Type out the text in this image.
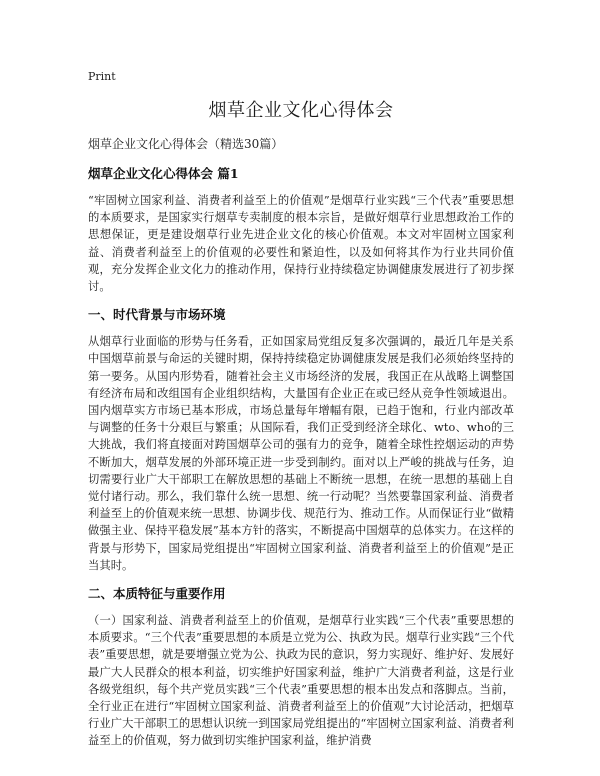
Print
烟草企业文化心得体会
烟草企业文化心得体会（精选30篇）
烟草企业文化心得体会 篇1

“牢固树立国家利益、消费者利益至上的价值观”是烟草行业实践“三个代表”重要思想的本质要求，是国家实行烟草专卖制度的根本宗旨，是做好烟草行业思想政治工作的思想保证，更是建设烟草行业先进企业文化的核心价值观。本文对牢固树立国家利益、消费者利益至上的价值观的必要性和紧迫性，以及如何将其作为行业共同价值观，充分发挥企业文化力的推动作用，保持行业持续稳定协调健康发展进行了初步探讨。

一、时代背景与市场环境

从烟草行业面临的形势与任务看，正如国家局党组反复多次强调的，最近几年是关系中国烟草前景与命运的关键时期，保持持续稳定协调健康发展是我们必须始终坚持的第一要务。从国内形势看，随着社会主义市场经济的发展，我国正在从战略上调整国有经济布局和改组国有企业组织结构，大量国有企业正在或已经从竞争性领域退出。国内烟草实方市场已基本形成，市场总量每年增幅有限，已趋于饱和，行业内部改革与调整的任务十分艰巨与繁重；从国际看，我们正受到经济全球化、wto、who的三大挑战，我们将直接面对跨国烟草公司的强有力的竞争，随着全球性控烟运动的声势不断加大，烟草发展的外部环境正进一步受到制约。面对以上严峻的挑战与任务，迫切需要行业广大干部职工在解放思想的基础上不断统一思想，在统一思想的基础上自觉付诸行动。那么，我们靠什么统一思想、统一行动呢？当然要靠国家利益、消费者利益至上的价值观来统一思想、协调步伐、规范行为、推动工作。从而保证行业“做精做强主业、保持平稳发展”基本方针的落实，不断提高中国烟草的总体实力。在这样的背景与形势下，国家局党组提出“牢固树立国家利益、消费者利益至上的价值观”是正当其时。

二、本质特征与重要作用

（一）国家利益、消费者利益至上的价值观，是烟草行业实践“三个代表”重要思想的本质要求。“三个代表”重要思想的本质是立党为公、执政为民。烟草行业实践“三个代表”重要思想，就是要增强立党为公、执政为民的意识，努力实现好、维护好、发展好最广大人民群众的根本利益，切实维护好国家利益，维护广大消费者利益，这是行业各级党组织，每个共产党员实践“三个代表”重要思想的根本出发点和落脚点。当前，全行业正在进行“牢固树立国家利益、消费者利益至上的价值观”大讨论活动，把烟草行业广大干部职工的思想认识统一到国家局党组提出的“牢固树立国家利益、消费者利益至上的价值观，努力做到切实维护国家利益，维护消费
